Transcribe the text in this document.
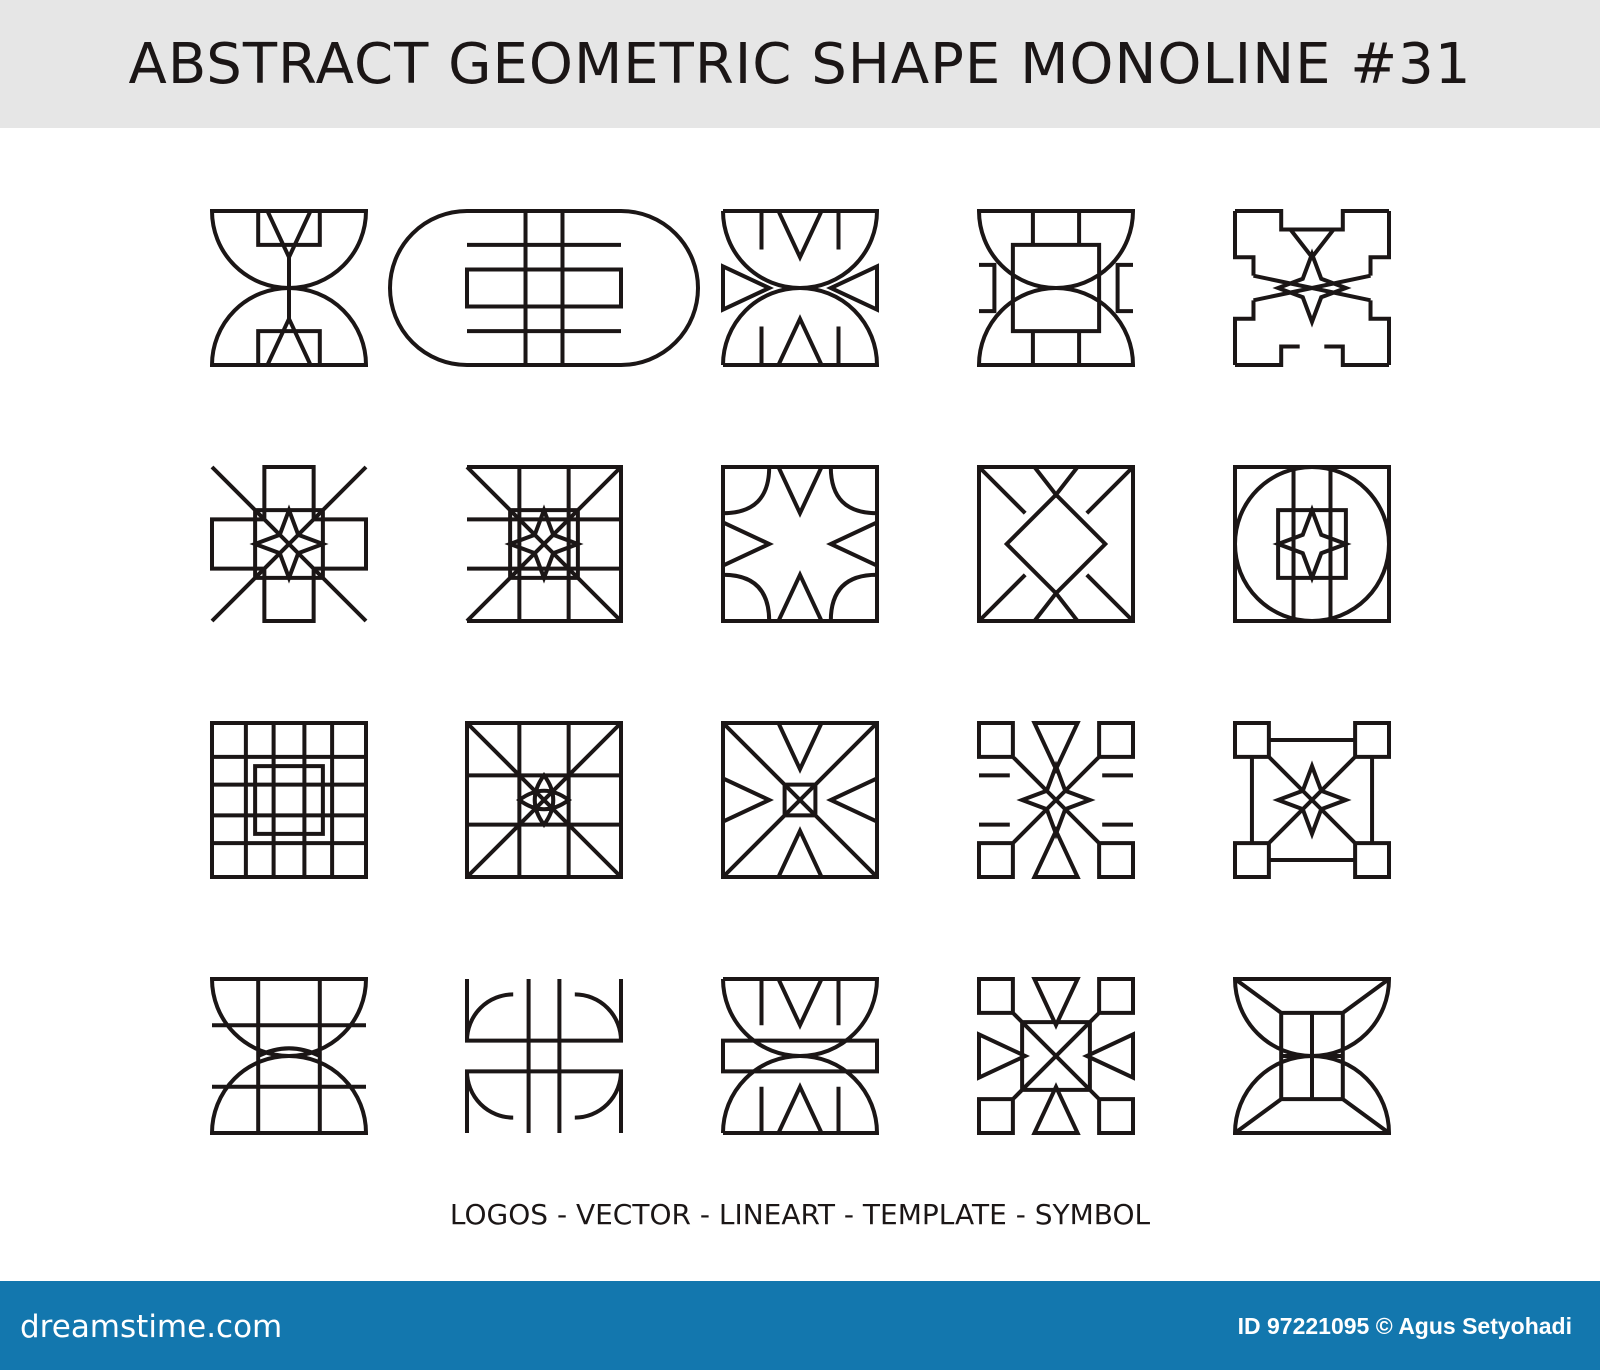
ABSTRACT GEOMETRIC SHAPE MONOLINE #31
LOGOS - VECTOR - LINEART - TEMPLATE - SYMBOL
dreamstime.com	ID 97221095 © Agus Setyohadi
